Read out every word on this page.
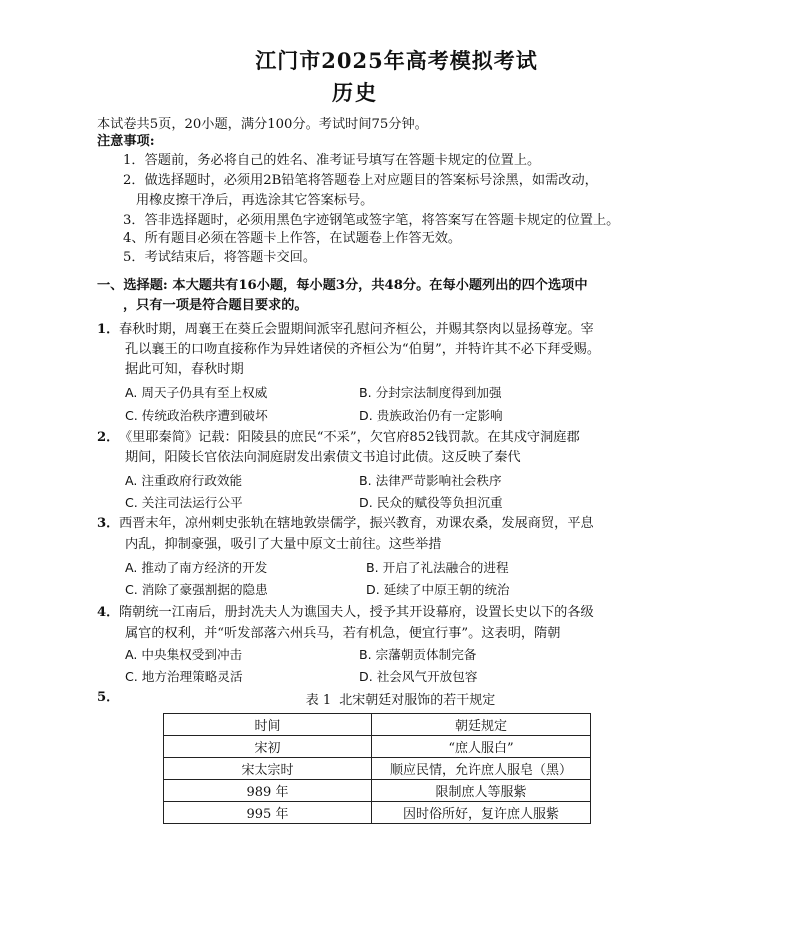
江门市2025年高考模拟考试
历史
本试卷共5页，20小题，满分100分。考试时间75分钟。
注意事项:
1．答题前，务必将自己的姓名、准考证号填写在答题卡规定的位置上。
2．做选择题时，必须用2B铅笔将答题卷上对应题目的答案标号涂黑，如需改动，
用橡皮擦干净后，再选涂其它答案标号。
3．答非选择题时，必须用黑色字迹钢笔或签字笔，将答案写在答题卡规定的位置上。
4、所有题目必须在答题卡上作答，在试题卷上作答无效。
5．考试结束后，将答题卡交回。
一、选择题: 本大题共有16小题，每小题3分，共48分。在每小题列出的四个选项中
，只有一项是符合题目要求的。
1． 春秋时期，周襄王在葵丘会盟期间派宰孔慰问齐桓公，并赐其祭肉以显扬尊宠。宰
孔以襄王的口吻直接称作为异姓诸侯的齐桓公为“伯舅”，并特许其不必下拜受赐。
据此可知，春秋时期
A. 周天子仍具有至上权威	B. 分封宗法制度得到加强
C. 传统政治秩序遭到破坏	D. 贵族政治仍有一定影响
2． 《里耶秦简》记载：阳陵县的庶民“不采”，欠官府852钱罚款。在其戍守洞庭郡
期间，阳陵长官依法向洞庭尉发出索债文书追讨此债。这反映了秦代
A. 注重政府行政效能	B. 法律严苛影响社会秩序
C. 关注司法运行公平	D. 民众的赋役等负担沉重
3． 西晋末年，凉州刺史张轨在辖地敦崇儒学，振兴教育，劝课农桑，发展商贸，平息
内乱，抑制豪强，吸引了大量中原文士前往。这些举措
A. 推动了南方经济的开发	B. 开启了礼法融合的进程
C. 消除了豪强割据的隐患	D. 延续了中原王朝的统治
4． 隋朝统一江南后，册封冼夫人为谯国夫人，授予其开设幕府，设置长史以下的各级
属官的权利，并“听发部落六州兵马，若有机急，便宜行事”。这表明，隋朝
A. 中央集权受到冲击	B. 宗藩朝贡体制完备
C. 地方治理策略灵活	D. 社会风气开放包容
5．	表 1 北宋朝廷对服饰的若干规定
时间	朝廷规定
宋初	“庶人服白”
宋太宗时	顺应民情，允许庶人服皂（黑）
989 年	限制庶人等服紫
995 年	因时俗所好，复许庶人服紫
